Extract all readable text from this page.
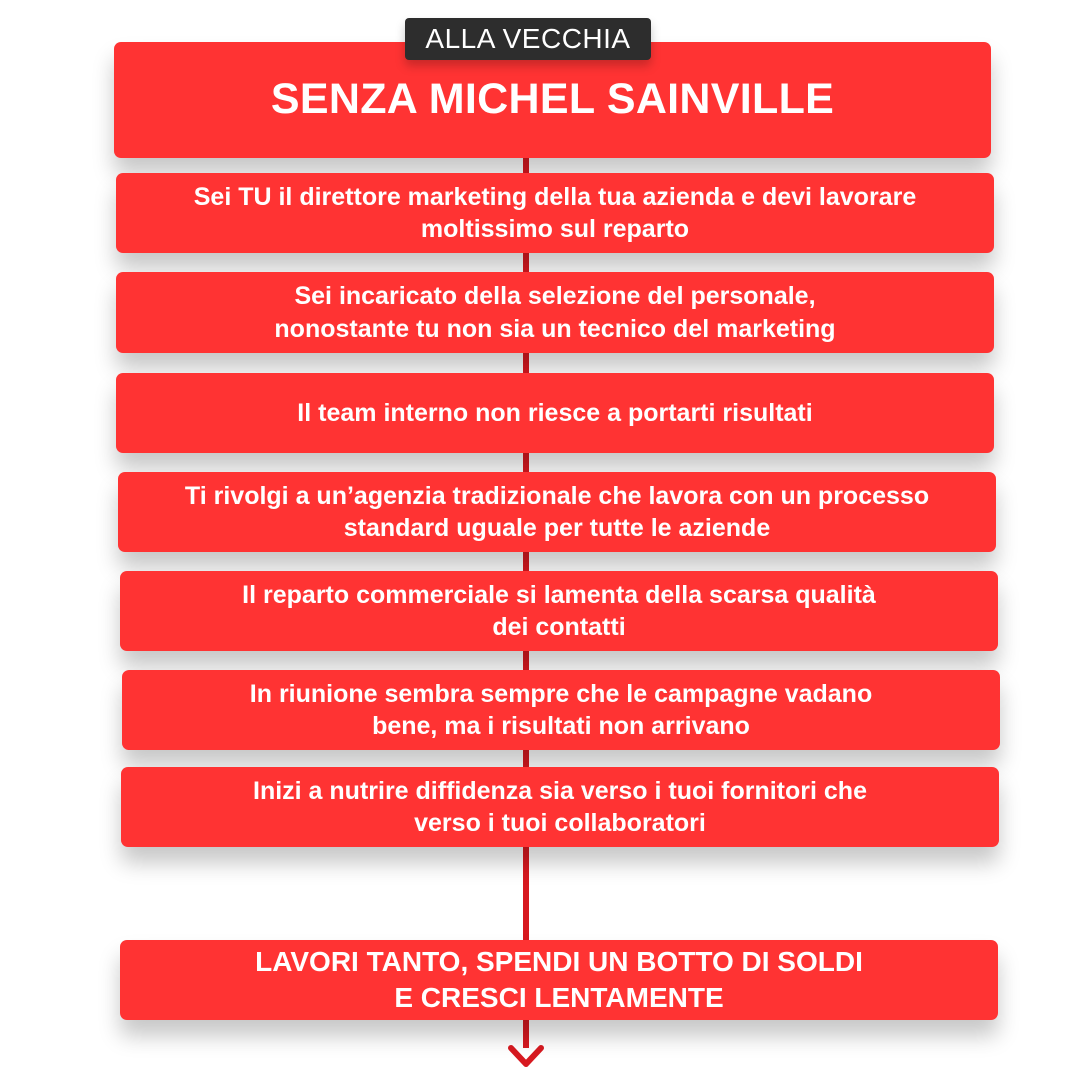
ALLA VECCHIA
SENZA MICHEL SAINVILLE
Sei TU il direttore marketing della tua azienda e devi lavorare
moltissimo sul reparto
Sei incaricato della selezione del personale,
nonostante tu non sia un tecnico del marketing
Il team interno non riesce a portarti risultati
Ti rivolgi a un’agenzia tradizionale che lavora con un processo
standard uguale per tutte le aziende
Il reparto commerciale si lamenta della scarsa qualità
dei contatti
In riunione sembra sempre che le campagne vadano
bene, ma i risultati non arrivano
Inizi a nutrire diffidenza sia verso i tuoi fornitori che
verso i tuoi collaboratori
LAVORI TANTO, SPENDI UN BOTTO DI SOLDI
E CRESCI LENTAMENTE
